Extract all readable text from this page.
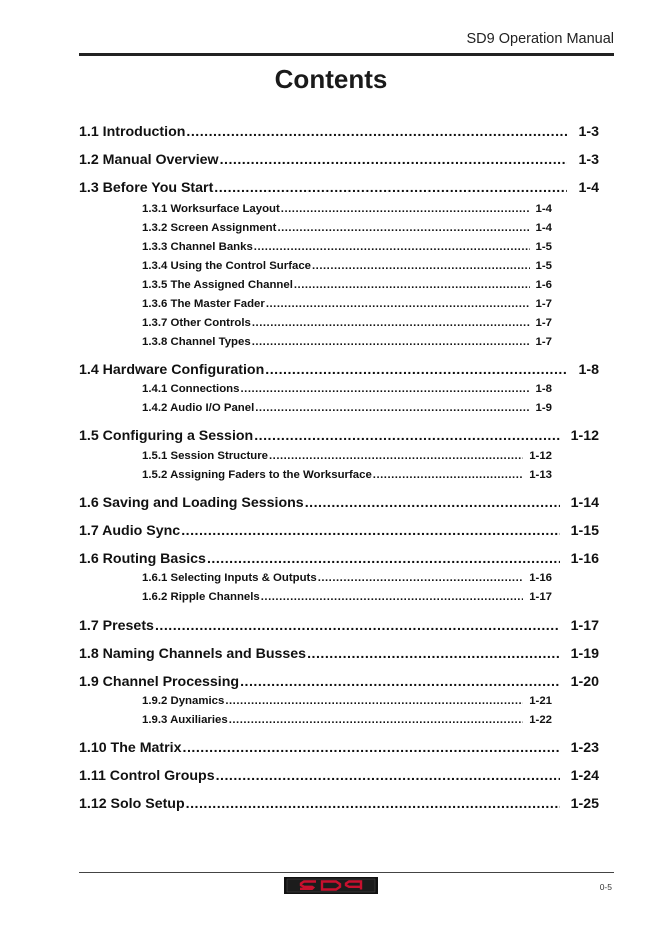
SD9 Operation Manual
Contents
1.1 Introduction .....	1-3
1.2 Manual Overview .....	1-3
1.3 Before You Start .....	1-4
1.3.1 Worksurface Layout .....	1-4
1.3.2 Screen Assignment .....	1-4
1.3.3 Channel Banks .....	1-5
1.3.4 Using the Control Surface .....	1-5
1.3.5 The Assigned Channel .....	1-6
1.3.6 The Master Fader .....	1-7
1.3.7 Other Controls .....	1-7
1.3.8 Channel Types .....	1-7
1.4 Hardware Configuration .....	1-8
1.4.1 Connections .....	1-8
1.4.2 Audio I/O Panel .....	1-9
1.5 Configuring a Session .....	1-12
1.5.1 Session Structure .....	1-12
1.5.2 Assigning Faders to the Worksurface .....	1-13
1.6 Saving and Loading Sessions .....	1-14
1.7 Audio Sync .....	1-15
1.6 Routing Basics .....	1-16
1.6.1 Selecting Inputs & Outputs .....	1-16
1.6.2 Ripple Channels .....	1-17
1.7 Presets .....	1-17
1.8 Naming Channels and Busses .....	1-19
1.9 Channel Processing .....	1-20
1.9.2 Dynamics .....	1-21
1.9.3 Auxiliaries .....	1-22
1.10 The Matrix .....	1-23
1.11 Control Groups .....	1-24
1.12 Solo Setup .....	1-25
0-5
